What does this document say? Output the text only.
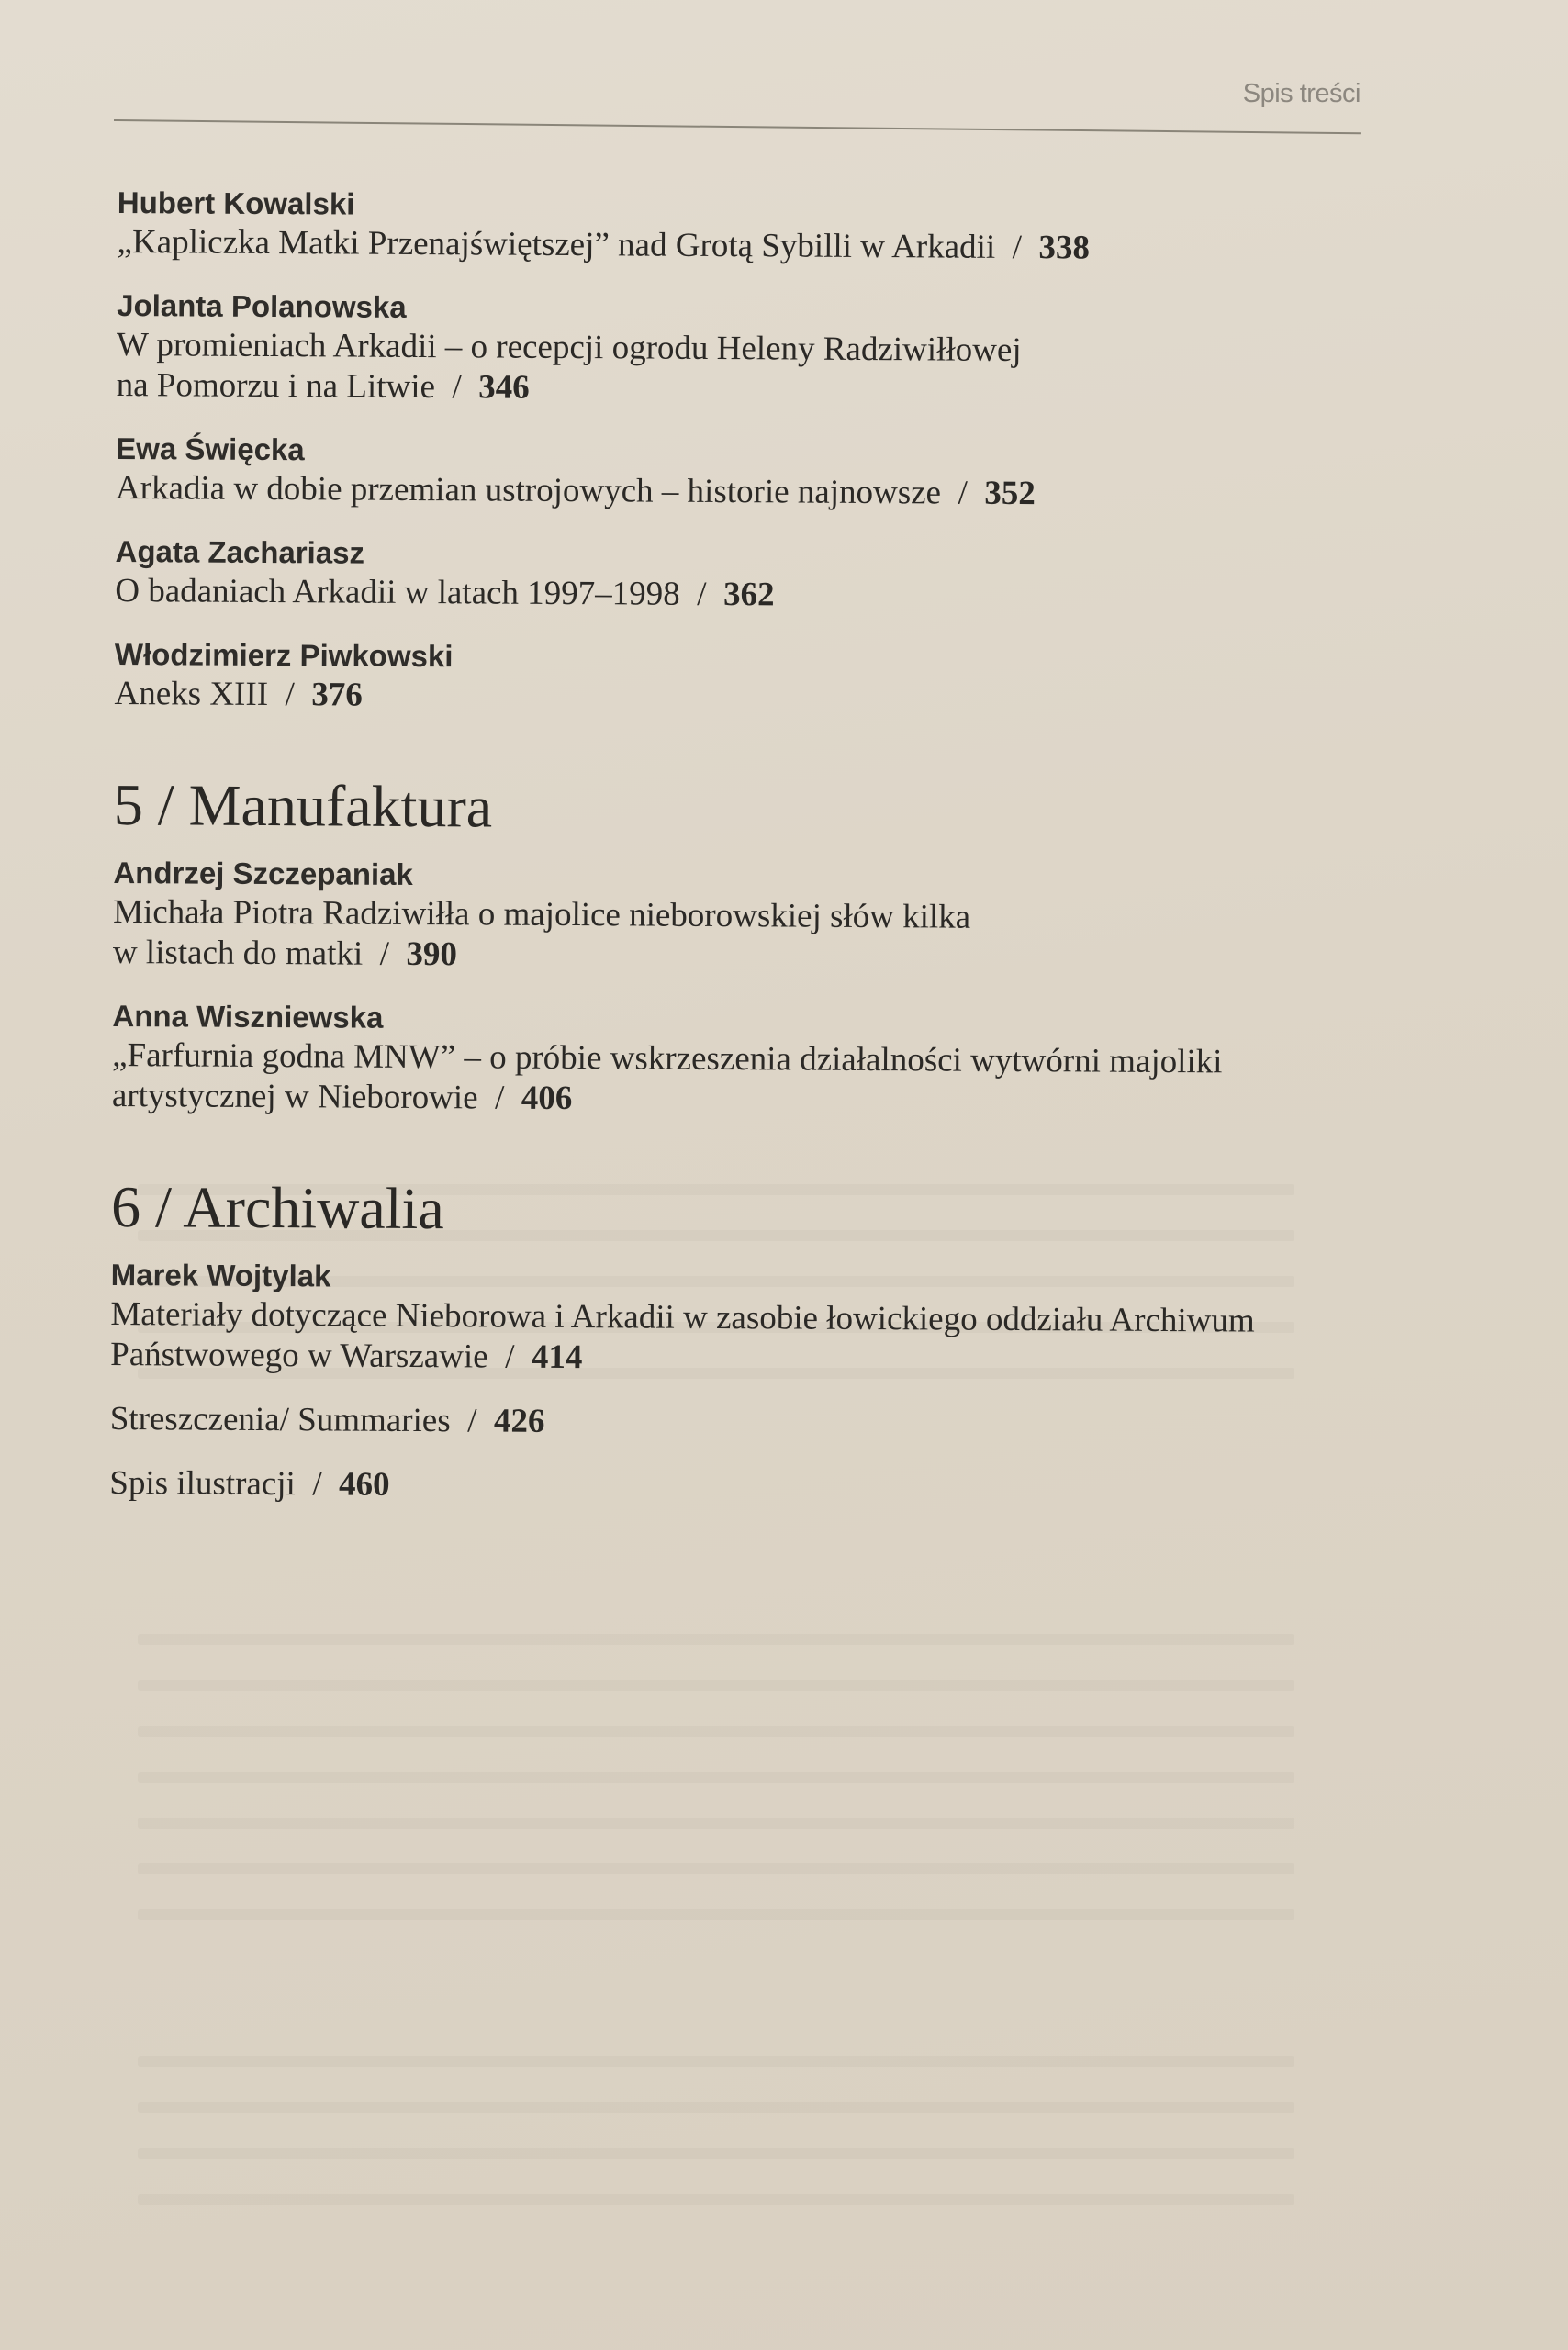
Spis treści
Hubert Kowalski
„Kapliczka Matki Przenajświętszej” nad Grotą Sybilli w Arkadii  /  338
Jolanta Polanowska
W promieniach Arkadii – o recepcji ogrodu Heleny Radziwiłłowej
na Pomorzu i na Litwie  /  346
Ewa Święcka
Arkadia w dobie przemian ustrojowych – historie najnowsze  /  352
Agata Zachariasz
O badaniach Arkadii w latach 1997–1998  /  362
Włodzimierz Piwkowski
Aneks XIII  /  376
5 / Manufaktura
Andrzej Szczepaniak
Michała Piotra Radziwiłła o majolice nieborowskiej słów kilka
w listach do matki  /  390
Anna Wiszniewska
„Farfurnia godna MNW” – o próbie wskrzeszenia działalności wytwórni majoliki
artystycznej w Nieborowie  /  406
6 / Archiwalia
Marek Wojtylak
Materiały dotyczące Nieborowa i Arkadii w zasobie łowickiego oddziału Archiwum
Państwowego w Warszawie  /  414
Streszczenia/ Summaries  /  426
Spis ilustracji  /  460
